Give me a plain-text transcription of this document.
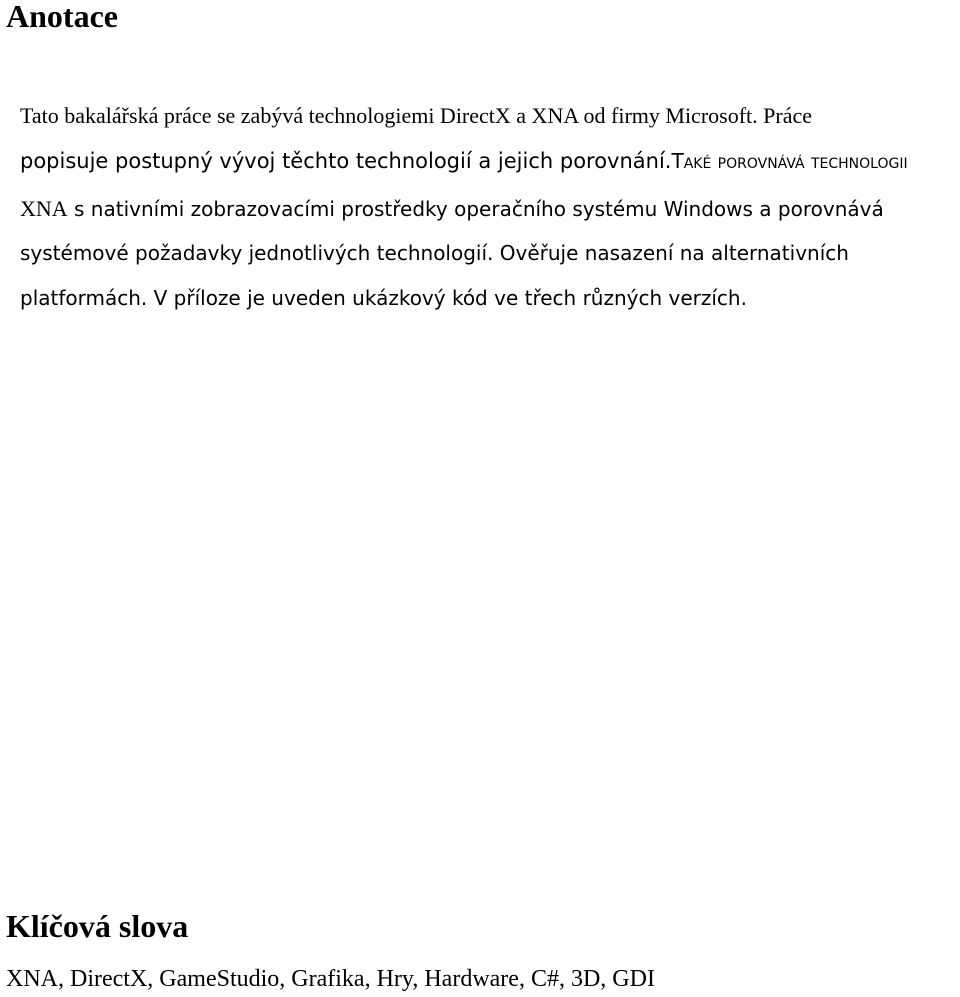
Anotace
Tato bakalářská práce se zabývá technologiemi DirectX a XNA od firmy Microsoft. Práce
popisuje postupný vývoj těchto technologií a jejich porovnání.Také porovnává technologii
XNA s nativními zobrazovacími prostředky operačního systému Windows a porovnává
systémové požadavky jednotlivých technologií. Ověřuje nasazení na alternativních
platformách. V příloze je uveden ukázkový kód ve třech různých verzích.
Klíčová slova

XNA, DirectX, GameStudio, Grafika, Hry, Hardware, C#, 3D, GDI
